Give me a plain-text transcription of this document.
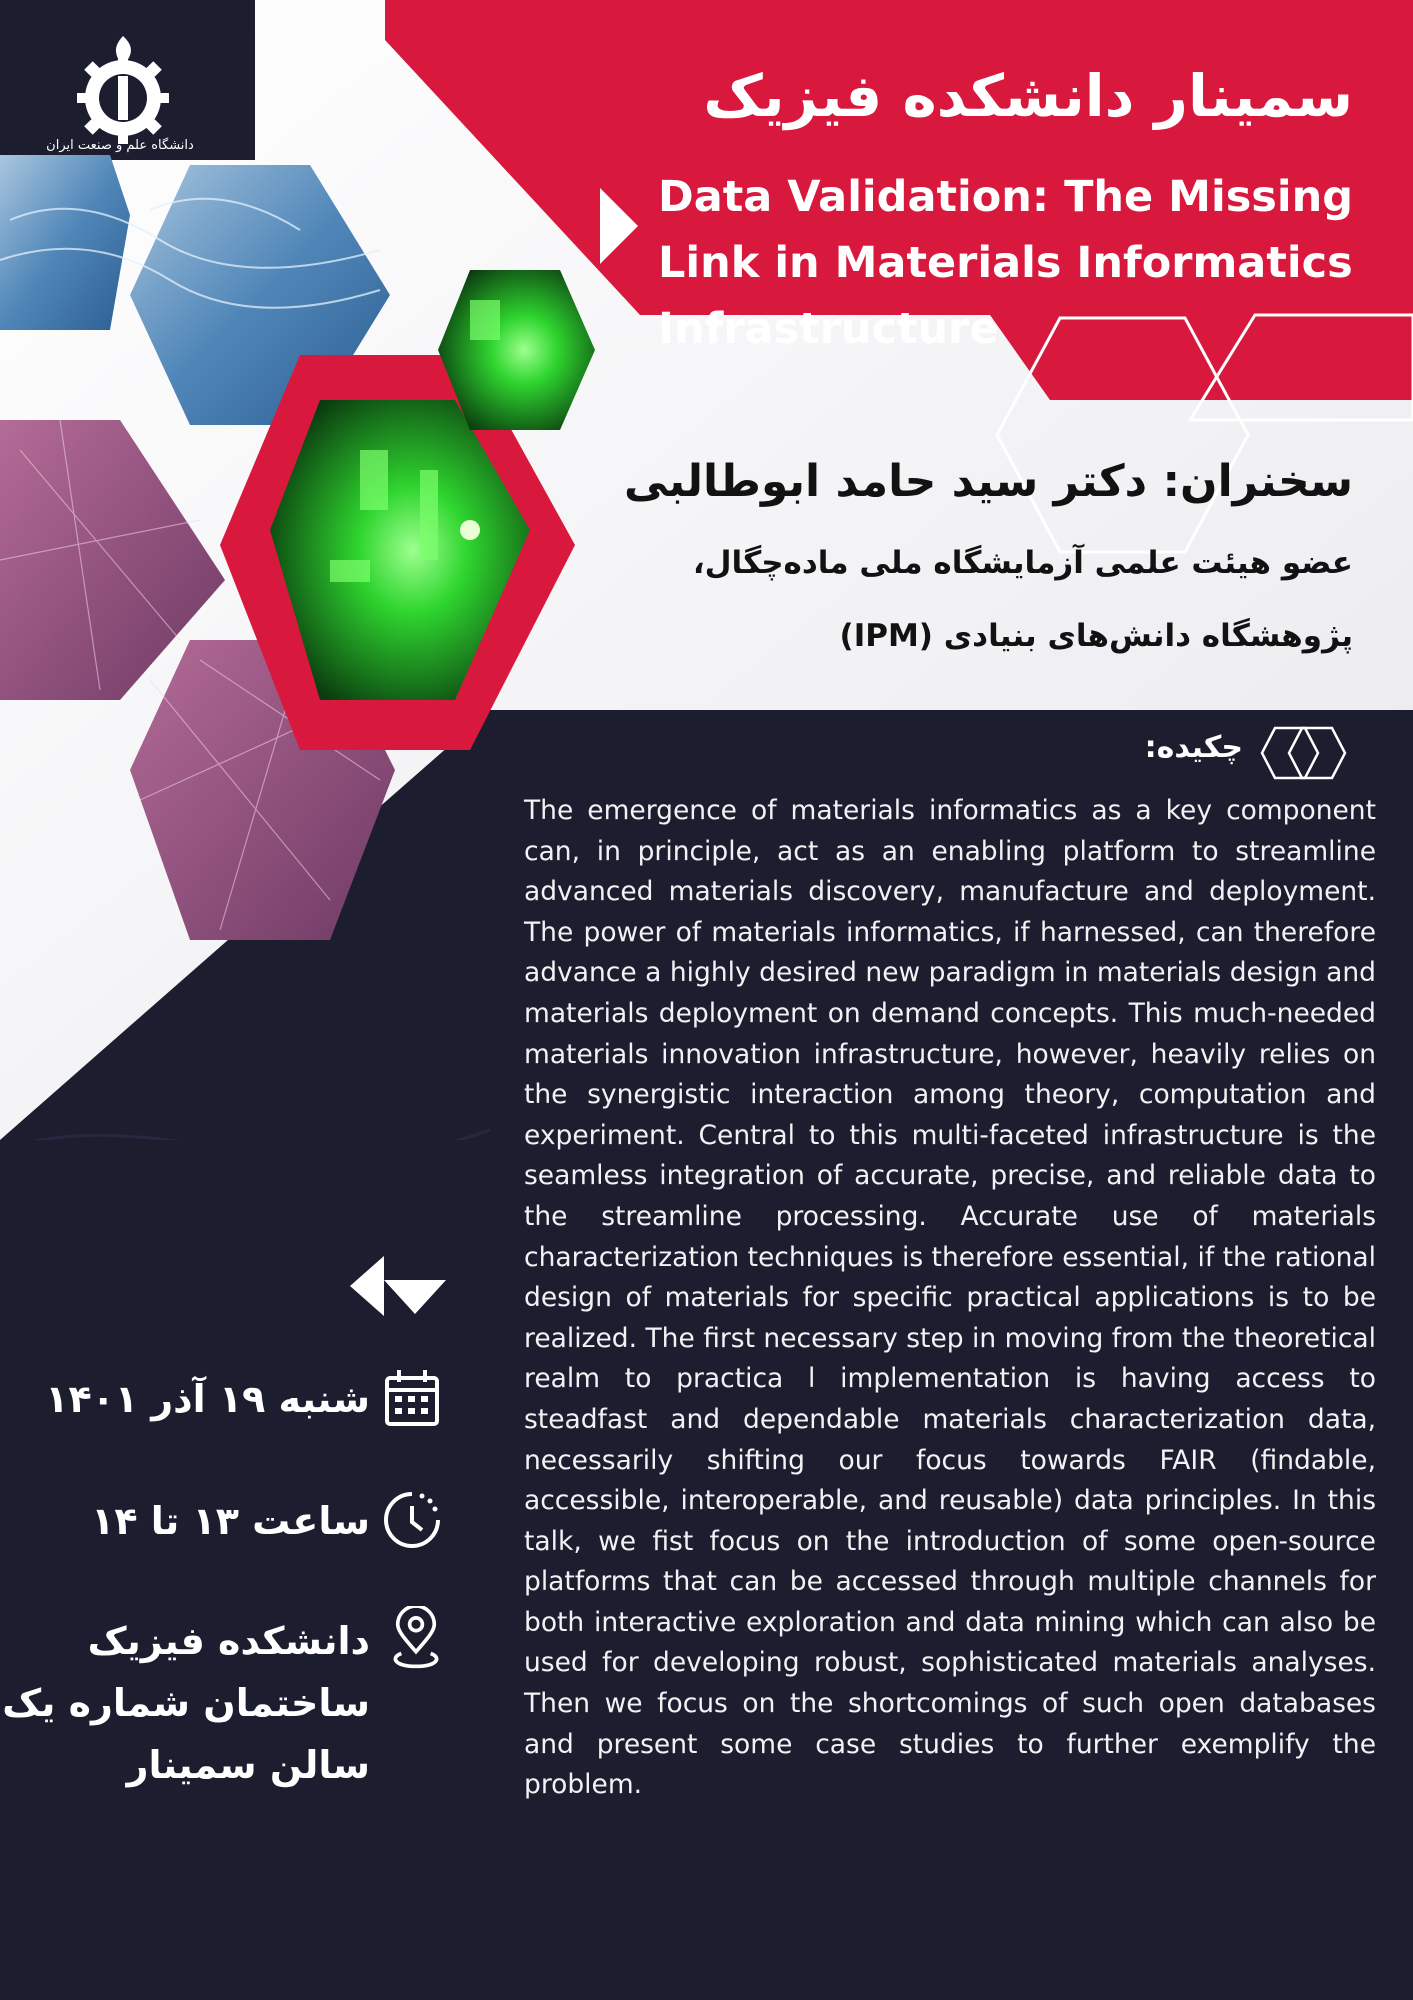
دانشگاه علم و صنعت ایران
سمینار دانشکده فیزیک
Data Validation: The Missing
Link in Materials Informatics
Infrastructure
سخنران: دکتر سید حامد ابوطالبی
عضو هیئت علمی آزمایشگاه ملی ماده‌چگال،
پژوهشگاه دانش‌های بنیادی (IPM)
چکیده:
The emergence of materials informatics as a key component can, in principle, act as an enabling platform to streamline advanced materials discovery, manufacture and deployment. The power of materials informatics, if harnessed, can therefore advance a highly desired new paradigm in materials design and materials deployment on demand concepts. This much-needed materials innovation infrastructure, however, heavily relies on the synergistic interaction among theory, computation and experiment. Central to this multi-faceted infrastructure is the seamless integration of accurate, precise, and reliable data to the streamline processing. Accurate use of materials characterization techniques is therefore essential, if the rational design of materials for specific practical applications is to be realized. The first necessary step in moving from the theoretical realm to practica l implementation is having access to steadfast and dependable materials characterization data, necessarily shifting our focus towards FAIR (findable, accessible, interoperable, and reusable) data principles. In this talk, we fist focus on the introduction of some open-source platforms that can be accessed through multiple channels for both interactive exploration and data mining which can also be used for developing robust, sophisticated materials analyses. Then we focus on the shortcomings of such open databases and present some case studies to further exemplify the problem.
شنبه ۱۹ آذر ۱۴۰۱
ساعت ۱۳ تا ۱۴
دانشکده فیزیک
ساختمان شماره یک
سالن سمینار
